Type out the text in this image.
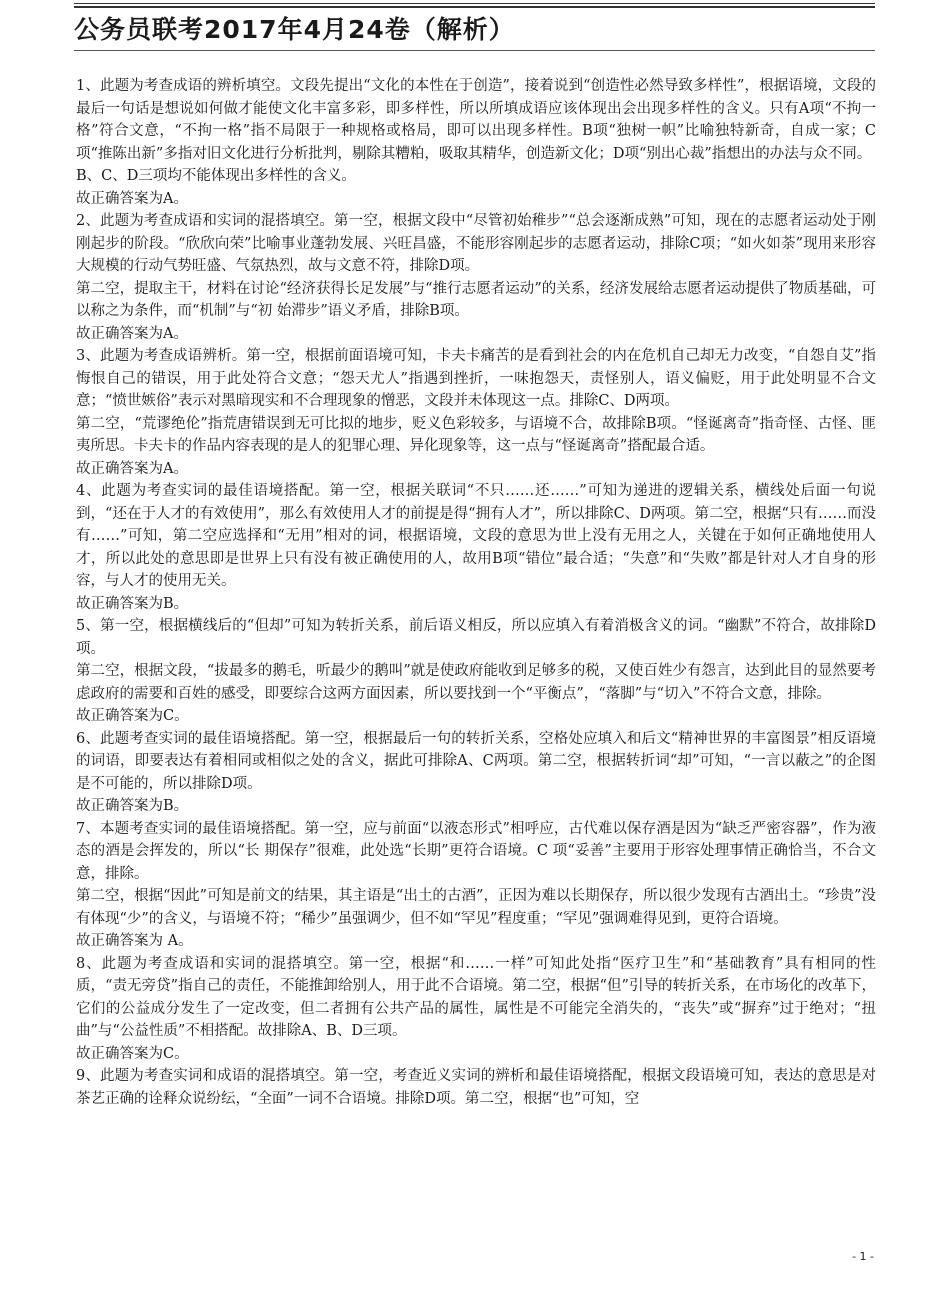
公务员联考2017年4月24卷（解析）

1、此题为考查成语的辨析填空。文段先提出“文化的本性在于创造”，接着说到“创造性必然导致多样性”，根据语境，文段的最后一句话是想说如何做才能使文化丰富多彩，即多样性，所以所填成语应该体现出会出现多样性的含义。只有A项“不拘一格”符合文意，“不拘一格”指不局限于一种规格或格局，即可以出现多样性。B项“独树一帜”比喻独特新奇，自成一家；C项“推陈出新”多指对旧文化进行分析批判，剔除其糟粕，吸取其精华，创造新文化；D项“别出心裁”指想出的办法与众不同。

B、C、D三项均不能体现出多样性的含义。

故正确答案为A。

2、此题为考查成语和实词的混搭填空。第一空，根据文段中“尽管初始稚步”“总会逐渐成熟”可知，现在的志愿者运动处于刚刚起步的阶段。“欣欣向荣”比喻事业蓬勃发展、兴旺昌盛，不能形容刚起步的志愿者运动，排除C项；“如火如荼”现用来形容大规模的行动气势旺盛、气氛热烈，故与文意不符，排除D项。

第二空，提取主干，材料在讨论“经济获得长足发展”与“推行志愿者运动”的关系，经济发展给志愿者运动提供了物质基础，可以称之为条件，而“机制”与“初 始滞步”语义矛盾，排除B项。

故正确答案为A。

3、此题为考查成语辨析。第一空，根据前面语境可知，卡夫卡痛苦的是看到社会的内在危机自己却无力改变，“自怨自艾”指悔恨自己的错误，用于此处符合文意；“怨天尤人”指遇到挫折，一味抱怨天，责怪别人，语义偏贬，用于此处明显不合文意；“愤世嫉俗”表示对黑暗现实和不合理现象的憎恶，文段并未体现这一点。排除C、D两项。

第二空，“荒谬绝伦”指荒唐错误到无可比拟的地步，贬义色彩较多，与语境不合，故排除B项。“怪诞离奇”指奇怪、古怪、匪夷所思。卡夫卡的作品内容表现的是人的犯罪心理、异化现象等，这一点与“怪诞离奇”搭配最合适。

故正确答案为A。

4、此题为考查实词的最佳语境搭配。第一空，根据关联词“不只……还……”可知为递进的逻辑关系，横线处后面一句说到，“还在于人才的有效使用”，那么有效使用人才的前提是得“拥有人才”，所以排除C、D两项。第二空，根据“只有……而没有……”可知，第二空应选择和“无用”相对的词，根据语境，文段的意思为世上没有无用之人，关键在于如何正确地使用人才，所以此处的意思即是世界上只有没有被正确使用的人，故用B项“错位”最合适；“失意”和“失败”都是针对人才自身的形容，与人才的使用无关。

故正确答案为B。

5、第一空，根据横线后的“但却”可知为转折关系，前后语义相反，所以应填入有着消极含义的词。“幽默”不符合，故排除D项。

第二空，根据文段，“拔最多的鹅毛，听最少的鹅叫”就是使政府能收到足够多的税，又使百姓少有怨言，达到此目的显然要考虑政府的需要和百姓的感受，即要综合这两方面因素，所以要找到一个“平衡点”，“落脚”与“切入”不符合文意，排除。

故正确答案为C。

6、此题考查实词的最佳语境搭配。第一空，根据最后一句的转折关系，空格处应填入和后文“精神世界的丰富图景”相反语境的词语，即要表达有着相同或相似之处的含义，据此可排除A、C两项。第二空，根据转折词“却”可知，“一言以蔽之”的企图是不可能的，所以排除D项。

故正确答案为B。

7、本题考查实词的最佳语境搭配。第一空，应与前面“以液态形式”相呼应，古代难以保存酒是因为“缺乏严密容器”，作为液态的酒是会挥发的，所以“长 期保存”很难，此处选“长期”更符合语境。C 项“妥善”主要用于形容处理事情正确恰当，不合文意，排除。

第二空，根据“因此”可知是前文的结果，其主语是“出土的古酒”，正因为难以长期保存，所以很少发现有古酒出土。“珍贵”没有体现“少”的含义，与语境不符；“稀少”虽强调少，但不如“罕见”程度重；“罕见”强调难得见到，更符合语境。

故正确答案为 A。

8、此题为考查成语和实词的混搭填空。第一空，根据“和……一样”可知此处指“医疗卫生”和“基础教育”具有相同的性质，“责无旁贷”指自己的责任，不能推卸给别人，用于此不合语境。第二空，根据“但”引导的转折关系，在市场化的改革下，它们的公益成分发生了一定改变，但二者拥有公共产品的属性，属性是不可能完全消失的，“丧失”或“摒弃”过于绝对；“扭曲”与“公益性质”不相搭配。故排除A、B、D三项。

故正确答案为C。

9、此题为考查实词和成语的混搭填空。第一空，考查近义实词的辨析和最佳语境搭配，根据文段语境可知，表达的意思是对茶艺正确的诠释众说纷纭，“全面”一词不合语境。排除D项。第二空，根据“也”可知，空

- 1 -
